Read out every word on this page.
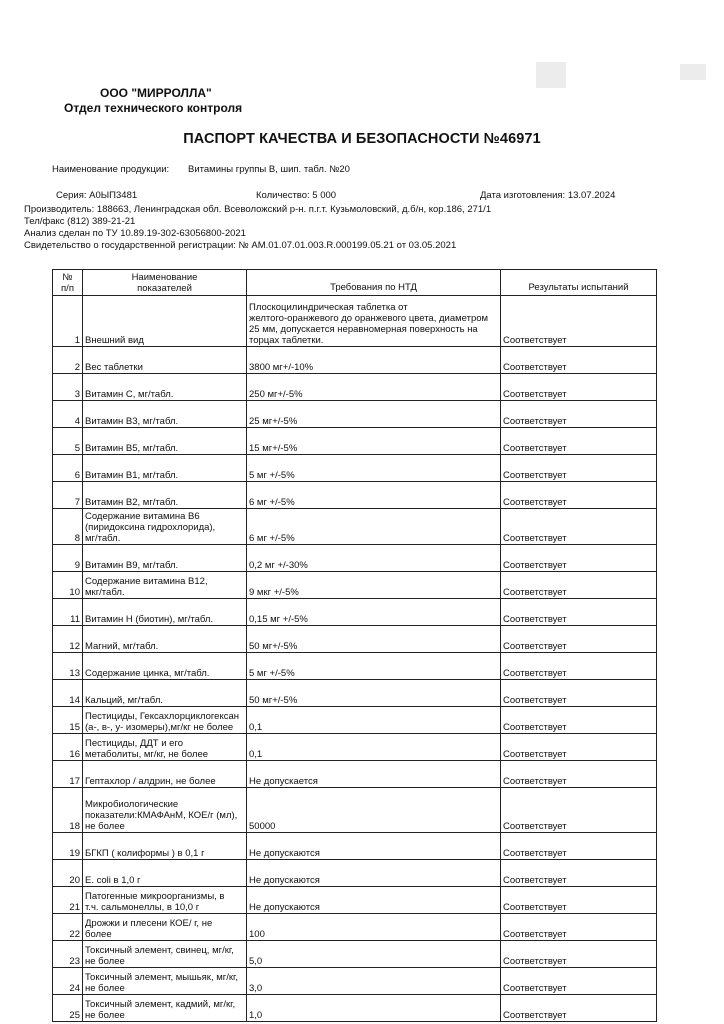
ООО "МИРРОЛЛА"
Отдел технического контроля
ПАСПОРТ КАЧЕСТВА И БЕЗОПАСНОСТИ №46971
Наименование продукции: Витамины группы В, шип. табл. №20
Серия: А0ЫП3481	Количество: 5 000	Дата изготовления: 13.07.2024
Производитель: 188663, Ленинградская обл. Всеволожский р-н. п.г.т. Кузьмоловский, д.б/н, кор.186, 271/1
Тел/факс (812) 389-21-21
Анализ сделан по ТУ 10.89.19-302-63056800-2021
Свидетельство о государственной регистрации: № AM.01.07.01.003.R.000199.05.21 от 03.05.2021
№
п/п	Наименование
показателей	Требования по НТД	Результаты испытаний
1	Внешний вид	Плоскоцилиндрическая таблетка от
желтого-оранжевого до оранжевого цвета, диаметром
25 мм, допускается неравномерная поверхность на
торцах таблетки.	Соответствует
2	Вес таблетки	3800 мг+/-10%	Соответствует
3	Витамин С, мг/табл.	250 мг+/-5%	Соответствует
4	Витамин В3, мг/табл.	25 мг+/-5%	Соответствует
5	Витамин В5, мг/табл.	15 мг+/-5%	Соответствует
6	Витамин В1, мг/табл.	5 мг +/-5%	Соответствует
7	Витамин В2, мг/табл.	6 мг +/-5%	Соответствует
8	Содержание витамина В6
(пиридоксина гидрохлорида),
мг/табл.	6 мг +/-5%	Соответствует
9	Витамин В9, мг/табл.	0,2 мг +/-30%	Соответствует
10	Содержание витамина В12,
мкг/табл.	9 мкг +/-5%	Соответствует
11	Витамин Н (биотин), мг/табл.	0,15 мг +/-5%	Соответствует
12	Магний, мг/табл.	50 мг+/-5%	Соответствует
13	Содержание цинка, мг/табл.	5 мг +/-5%	Соответствует
14	Кальций, мг/табл.	50 мг+/-5%	Соответствует
15	Пестициды, Гексахлорциклогексан
(а-, в-, у- изомеры),мг/кг не более	0,1	Соответствует
16	Пестициды, ДДТ и его
метаболиты, мг/кг, не более	0,1	Соответствует
17	Гептахлор / алдрин, не более	Не допускается	Соответствует
18	Микробиологические
показатели:КМАФАнМ, КОЕ/г (мл),
не более	50000	Соответствует
19	БГКП ( колиформы ) в 0,1 г	Не допускаются	Соответствует
20	E. coli в 1,0 г	Не допускаются	Соответствует
21	Патогенные микроорганизмы, в
т.ч. сальмонеллы, в 10,0 г	Не допускаются	Соответствует
22	Дрожжи и плесени КОЕ/ г, не
более	100	Соответствует
23	Токсичный элемент, свинец, мг/кг,
не более	5,0	Соответствует
24	Токсичный элемент, мышьяк, мг/кг,
не более	3,0	Соответствует
25	Токсичный элемент, кадмий, мг/кг,
не более	1,0	Соответствует
